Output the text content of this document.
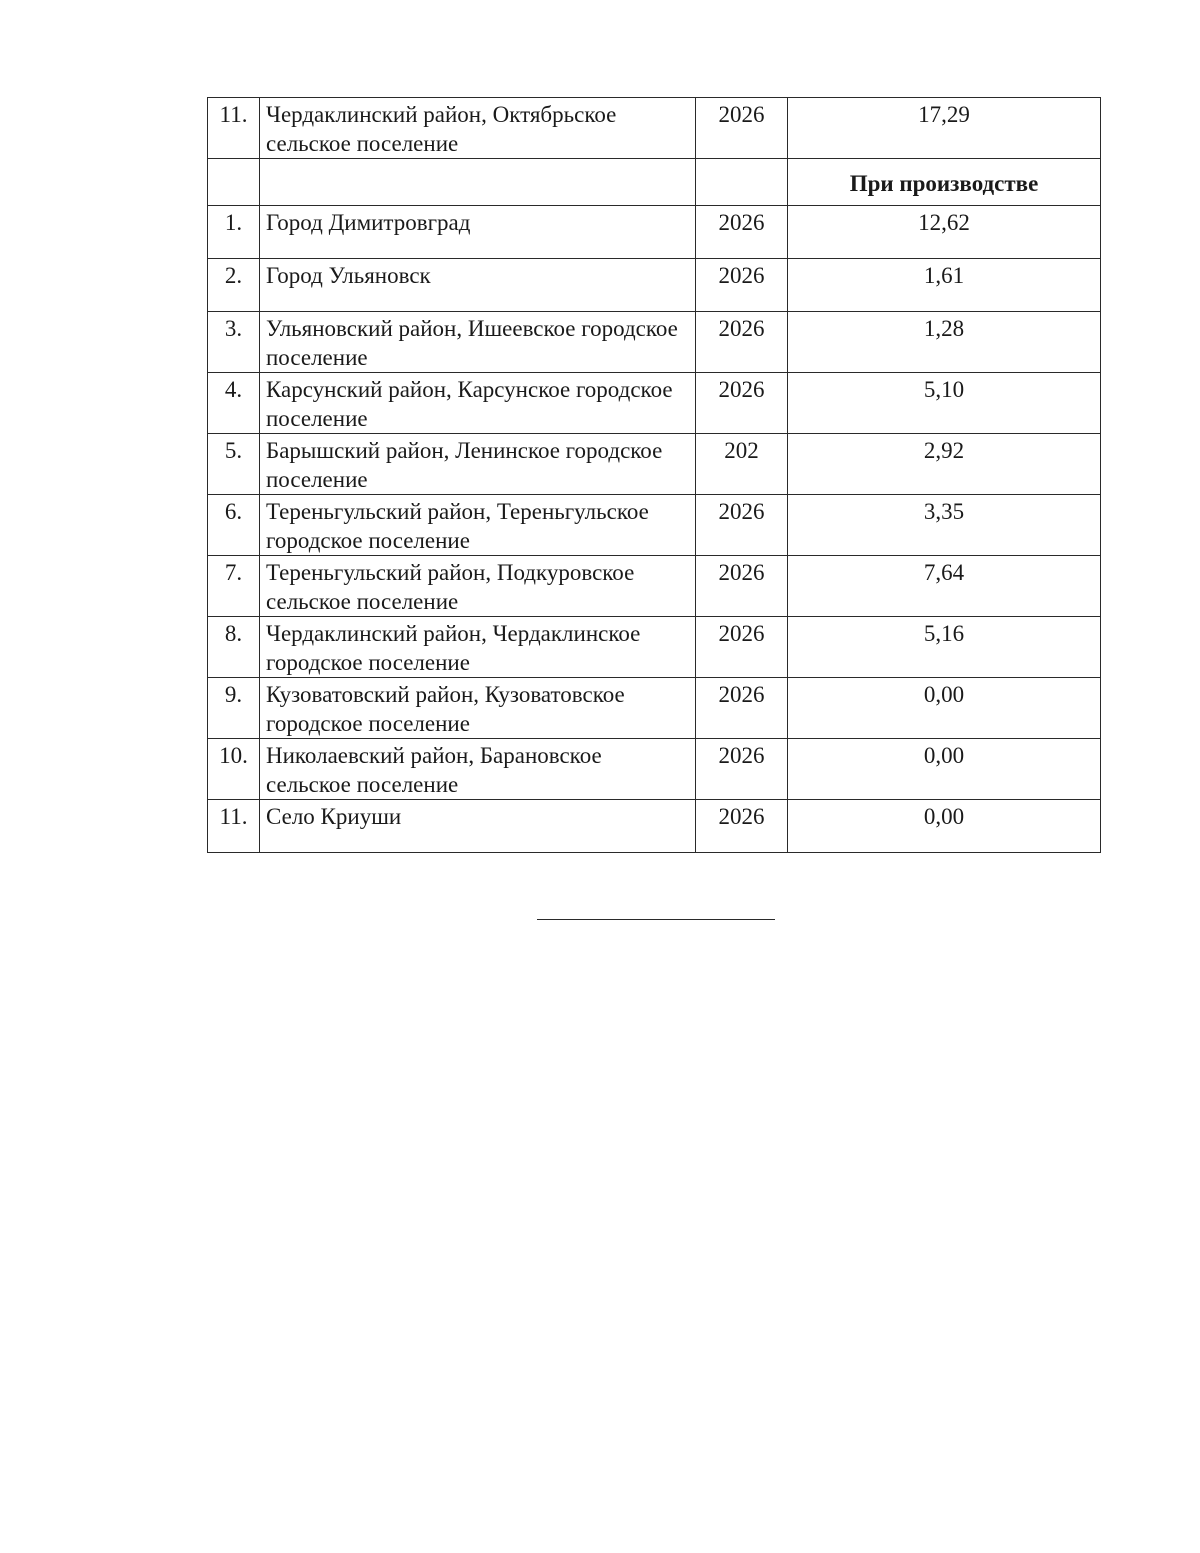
11.	Чердаклинский район, Октябрьское сельское поселение	2026	17,29
			При производстве
1.	Город Димитровград	2026	12,62
2.	Город Ульяновск	2026	1,61
3.	Ульяновский район, Ишеевское городское поселение	2026	1,28
4.	Карсунский район, Карсунское городское поселение	2026	5,10
5.	Барышский район, Ленинское городское поселение	202	2,92
6.	Тереньгульский район, Тереньгульское городское поселение	2026	3,35
7.	Тереньгульский район, Подкуровское сельское поселение	2026	7,64
8.	Чердаклинский район, Чердаклинское городское поселение	2026	5,16
9.	Кузоватовский район, Кузоватовское городское поселение	2026	0,00
10.	Николаевский район, Барановское сельское поселение	2026	0,00
11.	Село Криуши	2026	0,00
